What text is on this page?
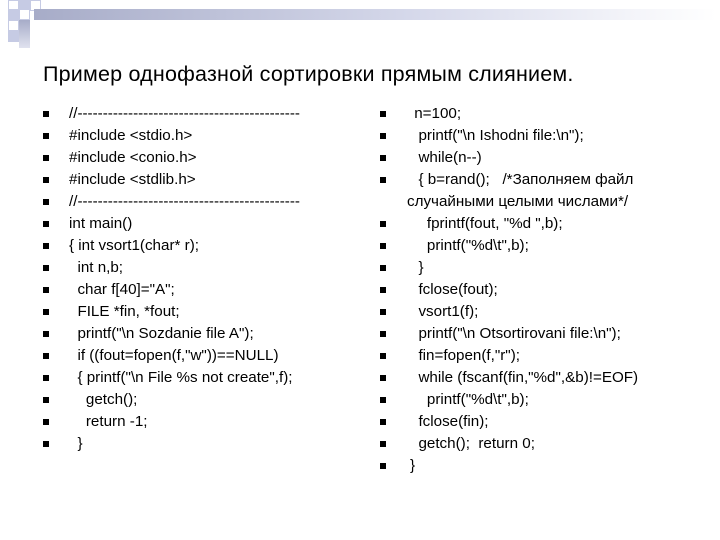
Пример однофазной сортировки прямым слиянием.
//--------------------------------------------
#include <stdio.h>
#include <conio.h>
#include <stdlib.h>
//--------------------------------------------
int main()
{ int vsort1(char* r);
int n,b;
char f[40]="A";
FILE *fin, *fout;
printf("\n Sozdanie file A");
if ((fout=fopen(f,"w"))==NULL)
{ printf("\n File %s not create",f);
getch();
return -1;
}
n=100;
printf("\n Ishodni file:\n");
while(n--)
{ b=rand();   /*Заполняем файл
случайными целыми числами*/
fprintf(fout, "%d ",b);
printf("%d\t",b);
}
fclose(fout);
vsort1(f);
printf("\n Otsortirovani file:\n");
fin=fopen(f,"r");
while (fscanf(fin,"%d",&b)!=EOF)
printf("%d\t",b);
fclose(fin);
getch();  return 0;
}
